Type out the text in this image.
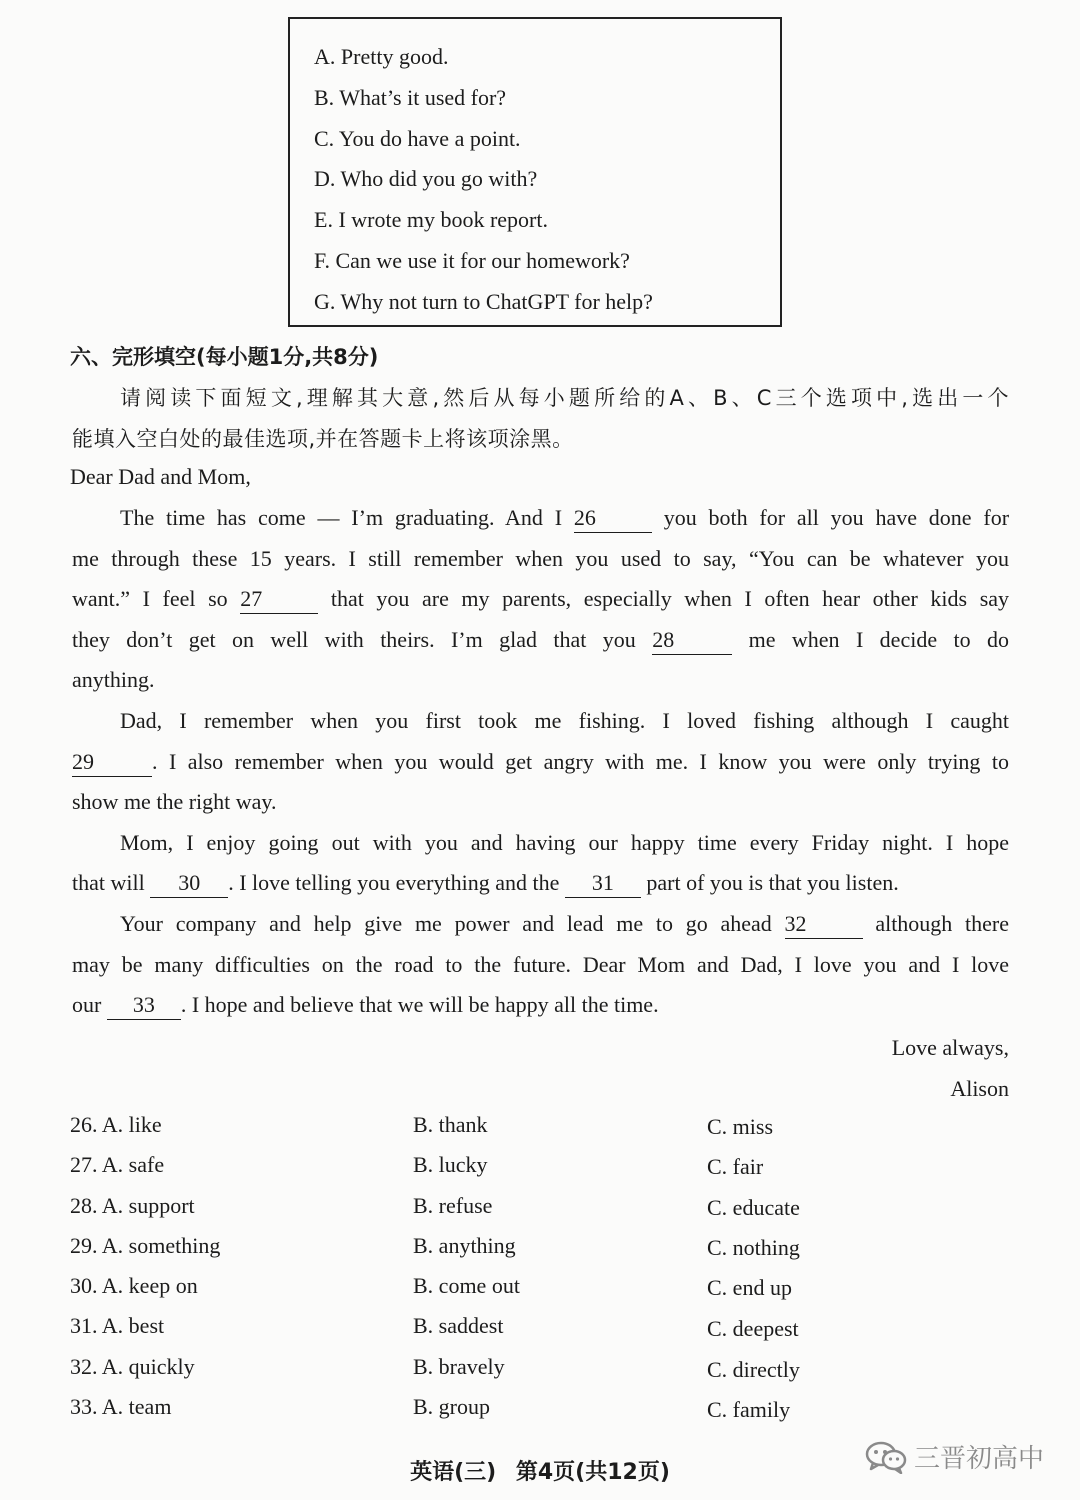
A. Pretty good.
B. What’s it used for?
C. You do have a point.
D. Who did you go with?
E. I wrote my book report.
F. Can we use it for our homework?
G. Why not turn to ChatGPT for help?
六、完形填空(每小题1分,共8分)
请阅读下面短文,理解其大意,然后从每小题所给的A、B、C三个选项中,选出一个
能填入空白处的最佳选项,并在答题卡上将该项涂黑。
Dear Dad and Mom,
The time has come — I’m graduating. And I 26	you both for all you have done for
me through these 15 years. I still remember when you used to say, “You can be whatever you
want.” I feel so 27	that you are my parents, especially when I often hear other kids say
they don’t get on well with theirs. I’m glad that you 28	me when I decide to do
anything.
Dad, I remember when you first took me fishing. I loved fishing although I caught
29	. I also remember when you would get angry with me. I know you were only trying to
show me the right way.
Mom, I enjoy going out with you and having our happy time every Friday night. I hope
that will 30 . I love telling you everything and the 31 part of you is that you listen.
Your company and help give me power and lead me to go ahead 32	although there
may be many difficulties on the road to the future. Dear Mom and Dad, I love you and I love
our 33 . I hope and believe that we will be happy all the time.
Love always,
Alison
26. A. like	B. thank	C. miss
27. A. safe	B. lucky	C. fair
28. A. support	B. refuse	C. educate
29. A. something	B. anything	C. nothing
30. A. keep on	B. come out	C. end up
31. A. best	B. saddest	C. deepest
32. A. quickly	B. bravely	C. directly
33. A. team	B. group	C. family
英语(三) 第4页(共12页)	三晋初高中
